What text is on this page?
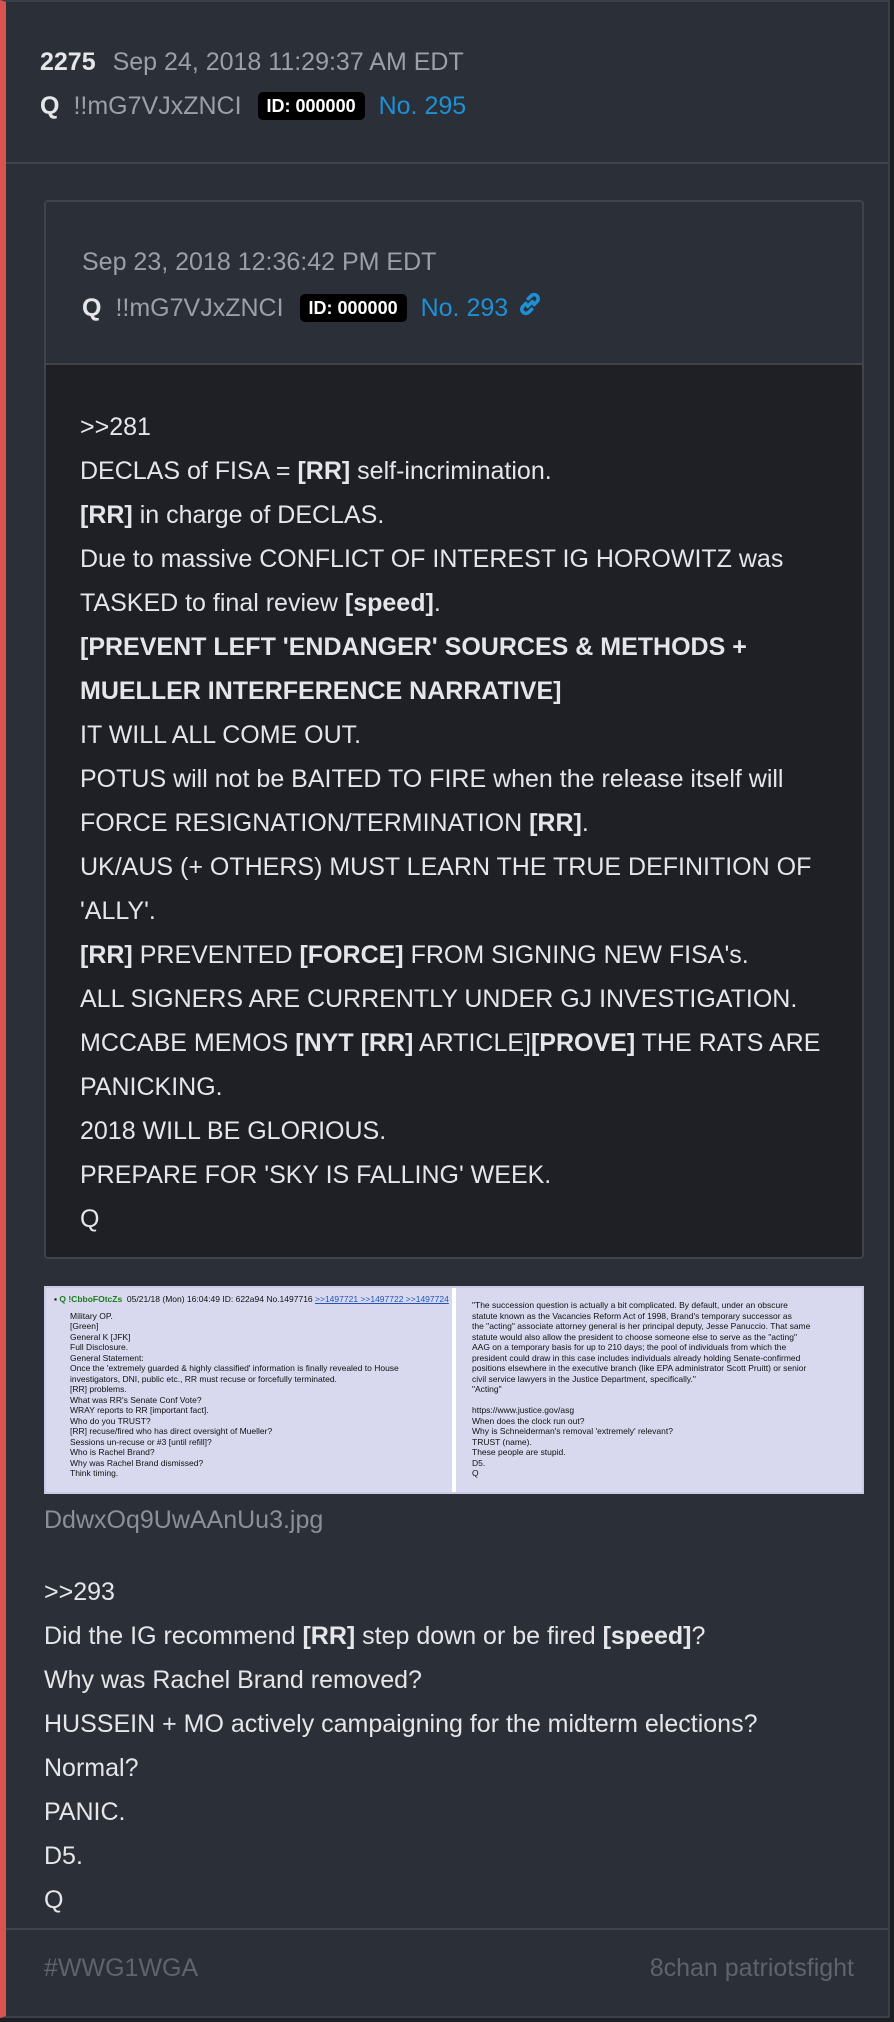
2275 Sep 24, 2018 11:29:37 AM EDT
Q !!mG7VJxZNCI	ID: 000000 No. 295
Sep 23, 2018 12:36:42 PM EDT
Q !!mG7VJxZNCI	ID: 000000 No. 293
>>281
DECLAS of FISA = [RR] self-incrimination.
[RR] in charge of DECLAS.
Due to massive CONFLICT OF INTEREST IG HOROWITZ was
TASKED to final review [speed].
[PREVENT LEFT 'ENDANGER' SOURCES & METHODS +
MUELLER INTERFERENCE NARRATIVE]
IT WILL ALL COME OUT.
POTUS will not be BAITED TO FIRE when the release itself will
FORCE RESIGNATION/TERMINATION [RR].
UK/AUS (+ OTHERS) MUST LEARN THE TRUE DEFINITION OF
'ALLY'.
[RR] PREVENTED [FORCE] FROM SIGNING NEW FISA's.
ALL SIGNERS ARE CURRENTLY UNDER GJ INVESTIGATION.
MCCABE MEMOS [NYT [RR] ARTICLE][PROVE] THE RATS ARE
PANICKING.
2018 WILL BE GLORIOUS.
PREPARE FOR 'SKY IS FALLING' WEEK.
Q
▪ Q !CbboFOtcZs 05/21/18 (Mon) 16:04:49 ID: 622a94 No.1497716 >>1497721 >>1497722 >>1497724
Military OP.
[Green]
General K [JFK]
Full Disclosure.
General Statement:
Once the 'extremely guarded & highly classified' information is finally revealed to House
investigators, DNI, public etc., RR must recuse or forcefully terminated.
[RR] problems.
What was RR's Senate Conf Vote?
WRAY reports to RR [important fact].
Who do you TRUST?
[RR] recuse/fired who has direct oversight of Mueller?
Sessions un-recuse or #3 [until refill]?
Who is Rachel Brand?
Why was Rachel Brand dismissed?
Think timing.
"The succession question is actually a bit complicated. By default, under an obscure
statute known as the Vacancies Reform Act of 1998, Brand's temporary successor as
the "acting" associate attorney general is her principal deputy, Jesse Panuccio. That same
statute would also allow the president to choose someone else to serve as the "acting"
AAG on a temporary basis for up to 210 days; the pool of individuals from which the
president could draw in this case includes individuals already holding Senate-confirmed
positions elsewhere in the executive branch (like EPA administrator Scott Pruitt) or senior
civil service lawyers in the Justice Department, specifically."
"Acting"

https://www.justice.gov/asg
When does the clock run out?
Why is Schneiderman's removal 'extremely' relevant?
TRUST (name).
These people are stupid.
D5.
Q
DdwxOq9UwAAnUu3.jpg
>>293
Did the IG recommend [RR] step down or be fired [speed]?
Why was Rachel Brand removed?
HUSSEIN + MO actively campaigning for the midterm elections?
Normal?
PANIC.
D5.
Q
#WWG1WGA	8chan patriotsfight
